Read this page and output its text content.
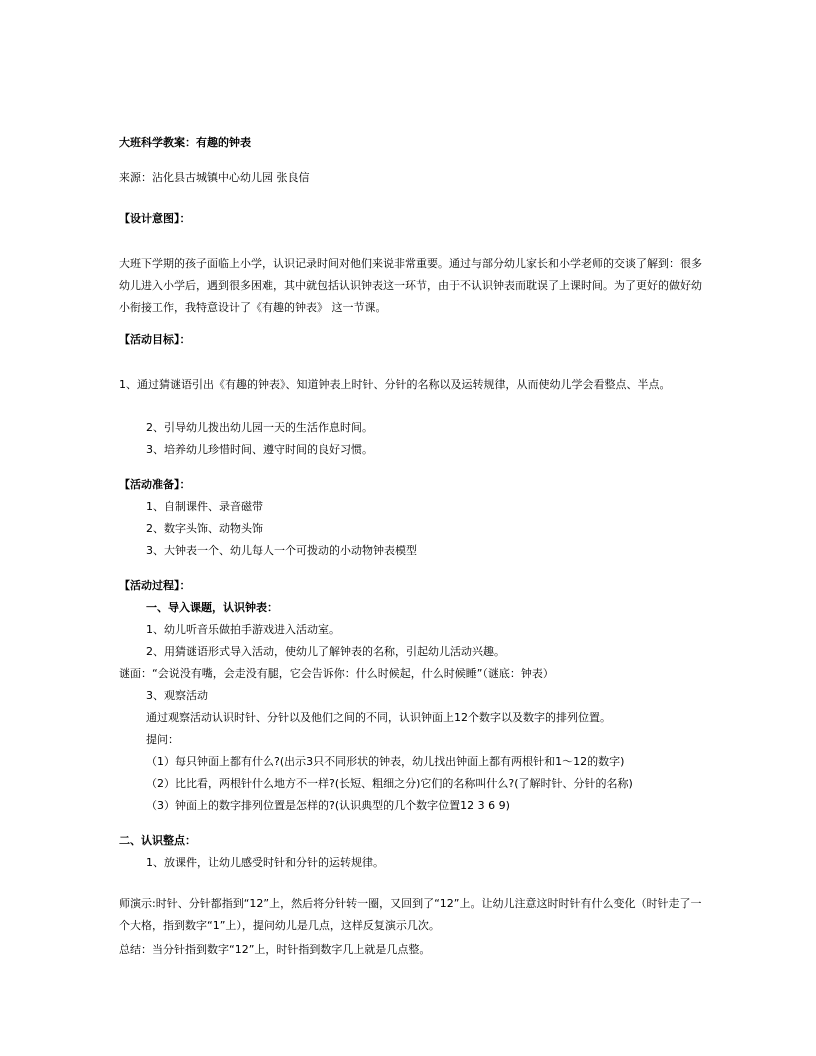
大班科学教案：有趣的钟表
来源：沾化县古城镇中心幼儿园 张良信
【设计意图】：
大班下学期的孩子面临上小学，认识记录时间对他们来说非常重要。通过与部分幼儿家长和小学老师的交谈了解到：很多幼儿进入小学后，遇到很多困难，其中就包括认识钟表这一环节，由于不认识钟表而耽误了上课时间。为了更好的做好幼小衔接工作，我特意设计了《有趣的钟表》 这一节课。
【活动目标】：
1、通过猜谜语引出《有趣的钟表》、知道钟表上时针、分针的名称以及运转规律，从而使幼儿学会看整点、半点。
2、引导幼儿拨出幼儿园一天的生活作息时间。
3、培养幼儿珍惜时间、遵守时间的良好习惯。
【活动准备】：
1、自制课件、录音磁带
2、数字头饰、动物头饰
3、大钟表一个、幼儿每人一个可拨动的小动物钟表模型
【活动过程】：
一、导入课题，认识钟表：
1、幼儿听音乐做拍手游戏进入活动室。
2、用猜谜语形式导入活动，使幼儿了解钟表的名称，引起幼儿活动兴趣。
谜面：“会说没有嘴，会走没有腿，它会告诉你：什么时候起，什么时候睡”（谜底：钟表）
3、观察活动
通过观察活动认识时针、分针以及他们之间的不同，认识钟面上12个数字以及数字的排列位置。
提问：
（1）每只钟面上都有什么?(出示3只不同形状的钟表，幼儿找出钟面上都有两根针和1～12的数字)
（2）比比看，两根针什么地方不一样?(长短、粗细之分)它们的名称叫什么?(了解时针、分针的名称)
（3）钟面上的数字排列位置是怎样的?(认识典型的几个数字位置12 3 6 9)
二、认识整点：
1、放课件，让幼儿感受时针和分针的运转规律。
师演示:时针、分针都指到“12”上，然后将分针转一圈，又回到了“12”上。让幼儿注意这时时针有什么变化（时针走了一个大格，指到数字“1”上），提问幼儿是几点，这样反复演示几次。
总结：当分针指到数字“12”上，时针指到数字几上就是几点整。
